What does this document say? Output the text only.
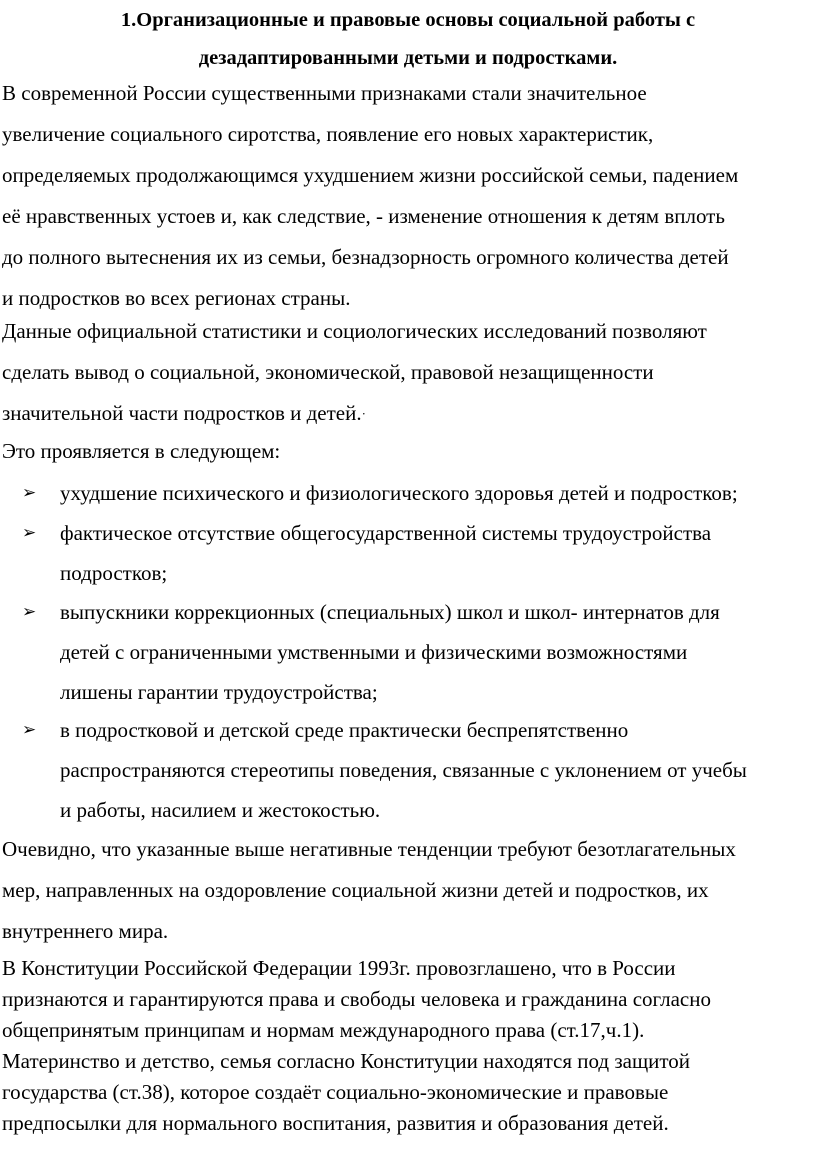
1.Организационные и правовые основы социальной работы с
дезадаптированными детьми и подростками.
В современной России существенными признаками стали значительное
увеличение социального сиротства, появление его новых характеристик,
определяемых продолжающимся ухудшением жизни российской семьи, падением
её нравственных устоев и, как следствие, - изменение отношения к детям вплоть
до полного вытеснения их из семьи, безнадзорность огромного количества детей
и подростков во всех регионах страны.
Данные официальной статистики и социологических исследований позволяют
сделать вывод о социальной, экономической, правовой незащищенности
значительной части подростков и детей.·
Это проявляется в следующем:
➢ ухудшение психического и физиологического здоровья детей и подростков;
➢ фактическое отсутствие общегосударственной системы трудоустройства
подростков;
➢ выпускники коррекционных (специальных) школ и школ- интернатов для
детей с ограниченными умственными и физическими возможностями
лишены гарантии трудоустройства;
➢ в подростковой и детской среде практически беспрепятственно
распространяются стереотипы поведения, связанные с уклонением от учебы
и работы, насилием и жестокостью.
Очевидно, что указанные выше негативные тенденции требуют безотлагательных
мер, направленных на оздоровление социальной жизни детей и подростков, их
внутреннего мира.
В Конституции Российской Федерации 1993г. провозглашено, что в России
признаются и гарантируются права и свободы человека и гражданина согласно
общепринятым принципам и нормам международного права (ст.17,ч.1).
Материнство и детство, семья согласно Конституции находятся под защитой
государства (ст.38), которое создаёт социально-экономические и правовые
предпосылки для нормального воспитания, развития и образования детей.
